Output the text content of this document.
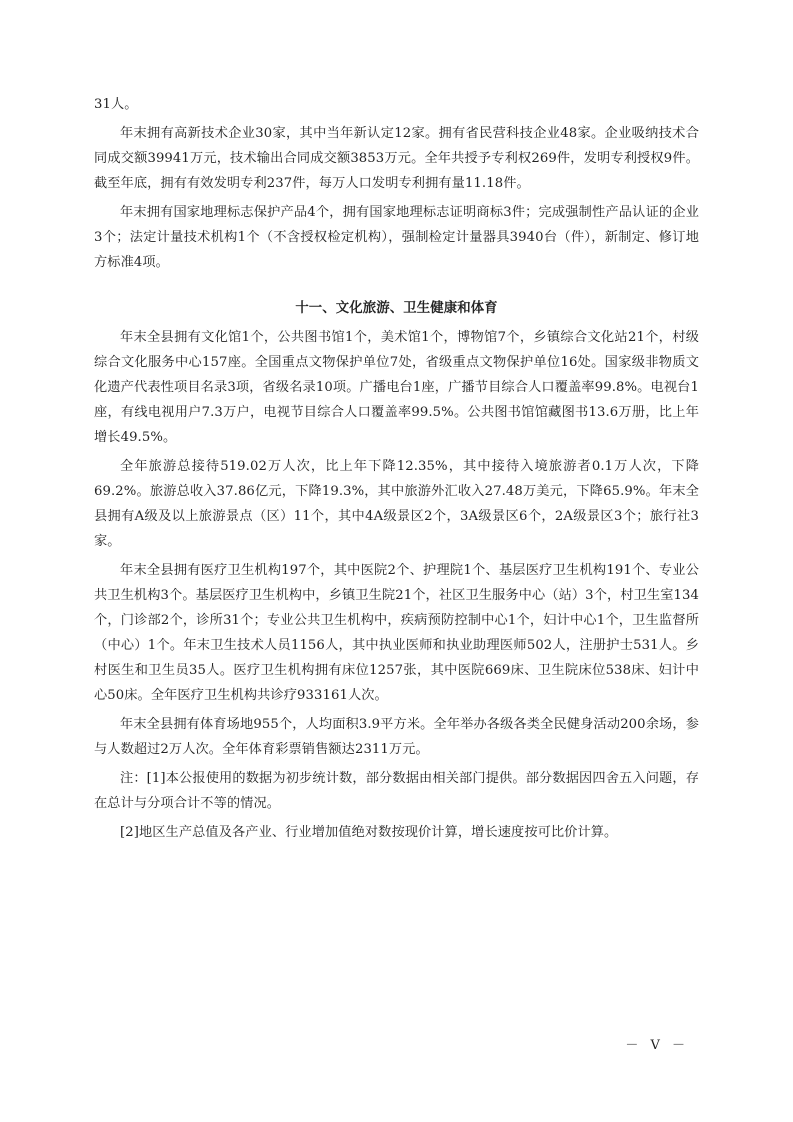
31人。

年末拥有高新技术企业30家，其中当年新认定12家。拥有省民营科技企业48家。企业吸纳技术合同成交额39941万元，技术输出合同成交额3853万元。全年共授予专利权269件，发明专利授权9件。截至年底，拥有有效发明专利237件，每万人口发明专利拥有量11.18件。

年末拥有国家地理标志保护产品4个，拥有国家地理标志证明商标3件；完成强制性产品认证的企业3个；法定计量技术机构1个（不含授权检定机构），强制检定计量器具3940台（件），新制定、修订地方标准4项。

十一、文化旅游、卫生健康和体育

年末全县拥有文化馆1个，公共图书馆1个，美术馆1个，博物馆7个，乡镇综合文化站21个，村级综合文化服务中心157座。全国重点文物保护单位7处，省级重点文物保护单位16处。国家级非物质文化遗产代表性项目名录3项，省级名录10项。广播电台1座，广播节目综合人口覆盖率99.8%。电视台1座，有线电视用户7.3万户，电视节目综合人口覆盖率99.5%。公共图书馆馆藏图书13.6万册，比上年增长49.5%。

全年旅游总接待519.02万人次，比上年下降12.35%，其中接待入境旅游者0.1万人次，下降69.2%。旅游总收入37.86亿元，下降19.3%，其中旅游外汇收入27.48万美元，下降65.9%。年末全县拥有A级及以上旅游景点（区）11个，其中4A级景区2个，3A级景区6个，2A级景区3个；旅行社3家。

年末全县拥有医疗卫生机构197个，其中医院2个、护理院1个、基层医疗卫生机构191个、专业公共卫生机构3个。基层医疗卫生机构中，乡镇卫生院21个，社区卫生服务中心（站）3个，村卫生室134个，门诊部2个，诊所31个；专业公共卫生机构中，疾病预防控制中心1个，妇计中心1个，卫生监督所（中心）1个。年末卫生技术人员1156人，其中执业医师和执业助理医师502人，注册护士531人。乡村医生和卫生员35人。医疗卫生机构拥有床位1257张，其中医院669床、卫生院床位538床、妇计中心50床。全年医疗卫生机构共诊疗933161人次。

年末全县拥有体育场地955个，人均面积3.9平方米。全年举办各级各类全民健身活动200余场，参与人数超过2万人次。全年体育彩票销售额达2311万元。

注：[1]本公报使用的数据为初步统计数，部分数据由相关部门提供。部分数据因四舍五入问题，存在总计与分项合计不等的情况。

[2]地区生产总值及各产业、行业增加值绝对数按现价计算，增长速度按可比价计算。

－ V －
